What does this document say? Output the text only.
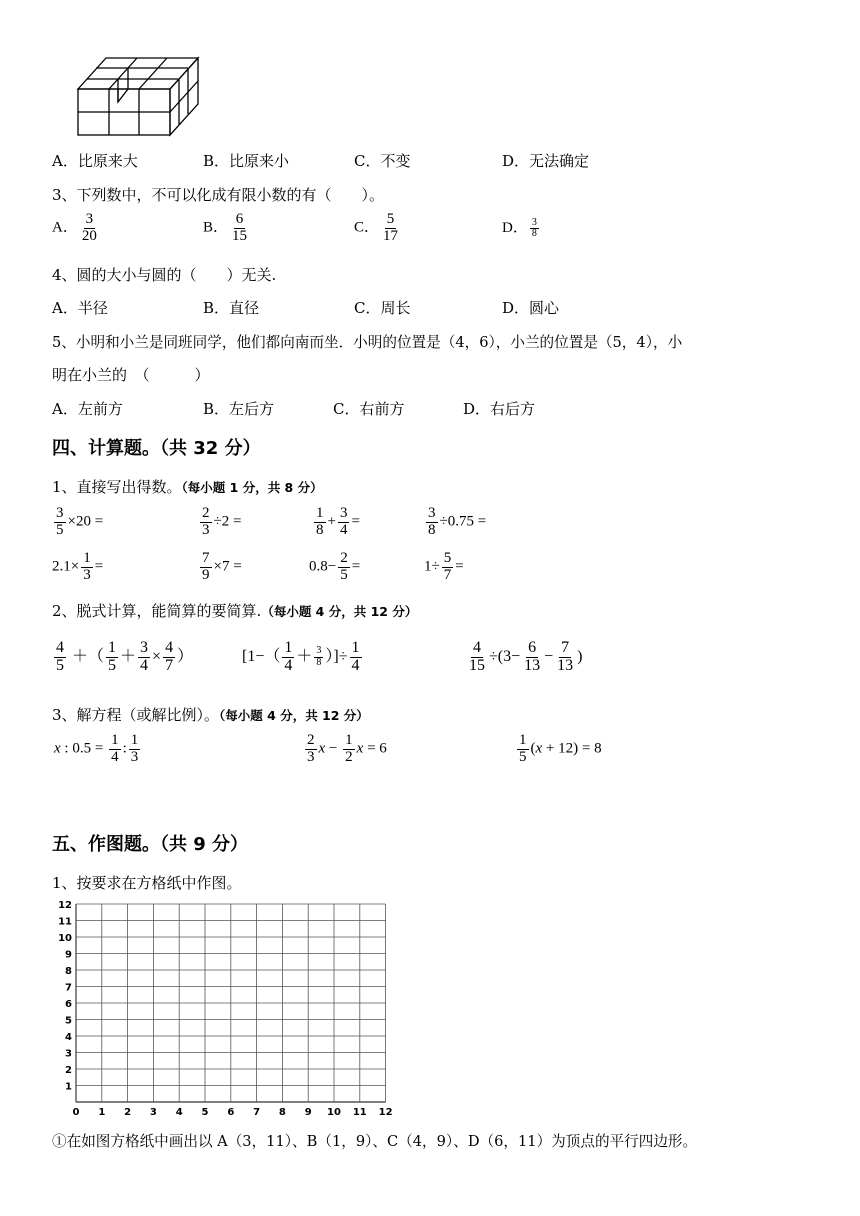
A．比原来大	B．比原来小	C．不变	D．无法确定
3、下列数中，不可以化成有限小数的有（　　）。
A． $\frac{3}{20}$	B． $\frac{6}{15}$	C． $\frac{5}{17}$	D． $\frac{3}{8}$
4、圆的大小与圆的（　　）无关.
A．半径	B．直径	C．周长	D．圆心
5、小明和小兰是同班同学，他们都向南而坐．小明的位置是（4，6），小兰的位置是（5，4），小
明在小兰的　（　　　）
A．左前方	B．左后方	C．右前方	D．右后方
四、计算题。（共 32 分）
1、直接写出得数。（每小题 1 分，共 8 分）
$\frac{3}{5} \times 20$ =	$\frac{2}{3} \div 2$ =	$\frac{1}{8} + \frac{3}{4}$ =	$\frac{3}{8} \div 0.75$ =
$2.1\times \frac{1}{3}$ =	$\frac{7}{9} \times 7$ =	$0.8- \frac{2}{5}$ =	$1\div \frac{5}{7}$ =
2、脱式计算，能简算的要简算.（每小题 4 分，共 12 分）
$\frac{4}{5}$ ＋（ $\frac{1}{5} + \frac{3}{4} \times \frac{4}{7}$ ）	[$1-( \frac{1}{4} + \frac{3}{8}$ ）]÷ $\frac{1}{4}$	$\frac{4}{15} \div(3- \frac{6}{13} - \frac{7}{13}$ )
3、解方程（或解比例）。（每小题 4 分，共 12 分）
x : $0.5 = \frac{1}{4}$ : $\frac{1}{3}$	$\frac{2}{3}$ $x - \frac{1}{2}$ x = 6	$\frac{1}{5} (x + 12) = 8$
五、作图题。（共 9 分）
1、按要求在方格纸中作图。
0 1 2 3 4 5 6 7 8 9 10 11 12
1
2
3
4
5
6
7
8
9
10
11
12
①在如图方格纸中画出以 A（3，11）、B（1，9）、C（4，9）、D（6，11）为顶点的平行四边形。
